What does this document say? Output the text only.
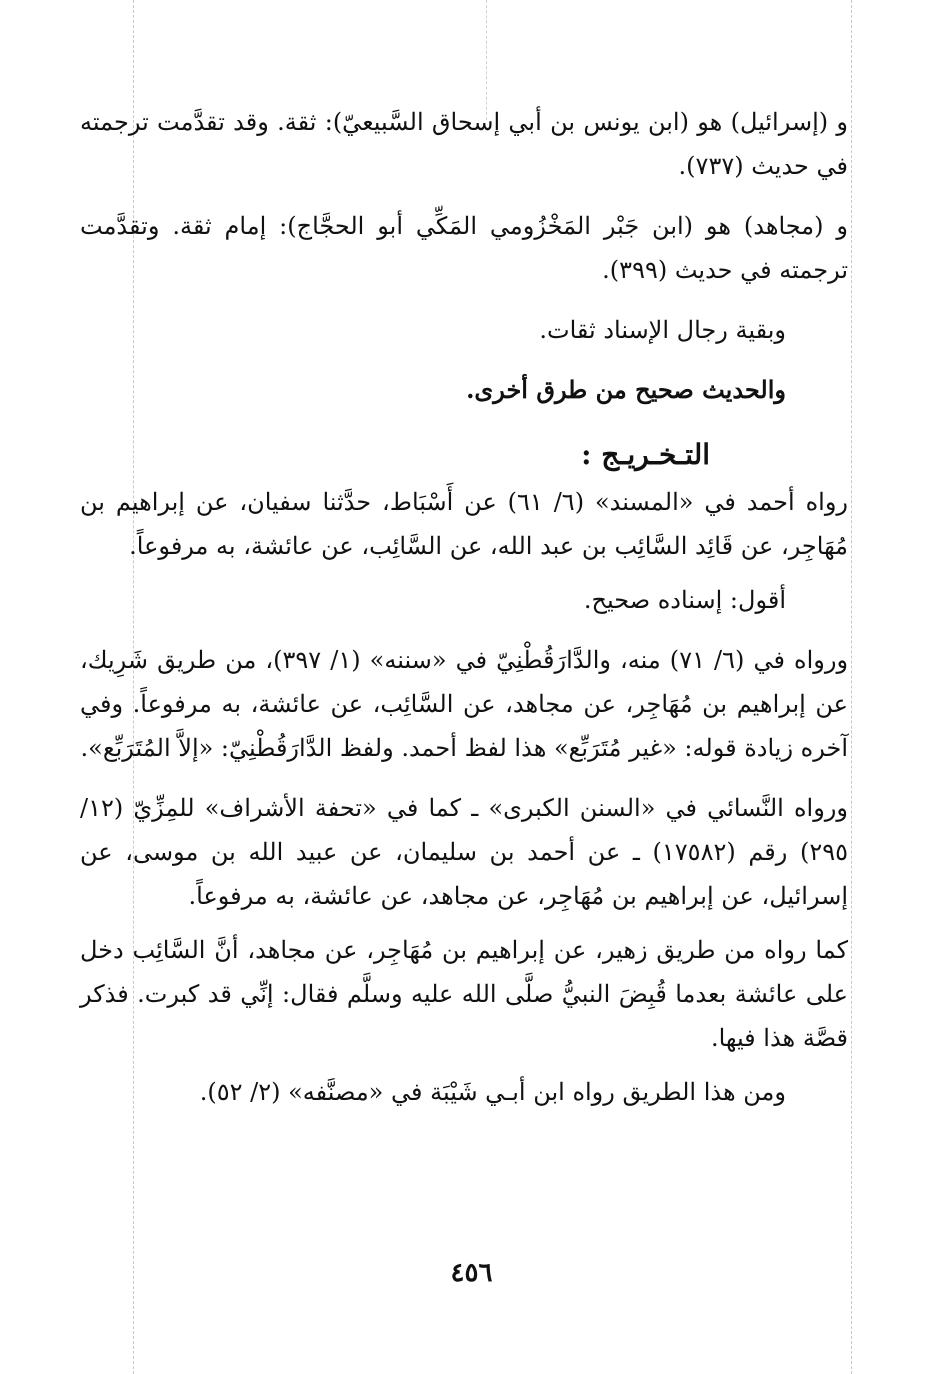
و (إسرائيل) هو (ابن يونس بن أبي إسحاق السَّبيعيّ): ثقة. وقد تقدَّمت ترجمته في حديث (٧٣٧).

و (مجاهد) هو (ابن جَبْر المَخْزُومي المَكِّي أبو الحجَّاج): إمام ثقة. وتقدَّمت ترجمته في حديث (٣٩٩).

وبقية رجال الإسناد ثقات.

والحديث صحيح من طرق أخرى.

التـخـريـج :

رواه أحمد في «المسند» (٦/ ٦١) عن أَسْبَاط، حدَّثنا سفيان، عن إبراهيم بن مُهَاجِر، عن قَائِد السَّائِب بن عبد الله، عن السَّائِب، عن عائشة، به مرفوعاً.

أقول: إسناده صحيح.

ورواه في (٦/ ٧١) منه، والدَّارَقُطْنِيّ في «سننه» (١/ ٣٩٧)، من طريق شَرِيك، عن إبراهيم بن مُهَاجِر، عن مجاهد، عن السَّائِب، عن عائشة، به مرفوعاً. وفي آخره زيادة قوله: «غير مُتَرَبِّع» هذا لفظ أحمد. ولفظ الدَّارَقُطْنِيّ: «إلاَّ المُتَرَبِّع».

ورواه النَّسائي في «السنن الكبرى» ـ كما في «تحفة الأشراف» للمِزِّيّ (١٢/ ٢٩٥) رقم (١٧٥٨٢) ـ عن أحمد بن سليمان، عن عبيد الله بن موسى، عن إسرائيل، عن إبراهيم بن مُهَاجِر، عن مجاهد، عن عائشة، به مرفوعاً.

كما رواه من طريق زهير، عن إبراهيم بن مُهَاجِر، عن مجاهد، أنَّ السَّائِب دخل على عائشة بعدما قُبِضَ النبيُّ صلَّى الله عليه وسلَّم فقال: إنِّي قد كبرت. فذكر قصَّة هذا فيها.

ومن هذا الطريق رواه ابن أبـي شَيْبَة في «مصنَّفه» (٢/ ٥٢).

٤٥٦
